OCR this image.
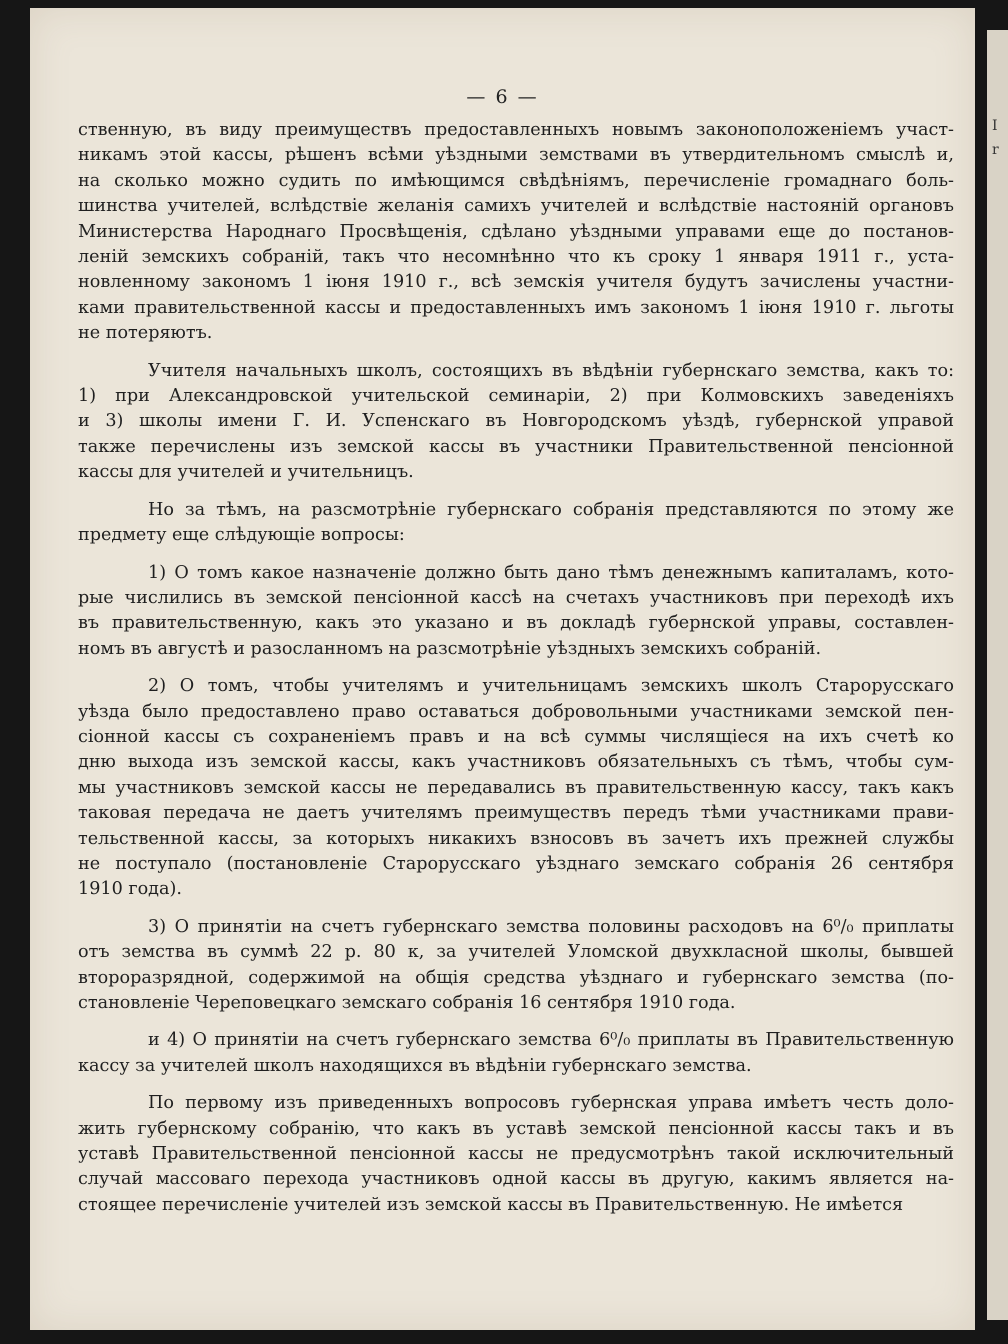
I
r
— 6 —
ственную, въ виду преимуществъ предоставленныхъ новымъ законоположенiемъ участ-
никамъ этой кассы, рѣшенъ всѣми уѣздными земствами въ утвердительномъ смыслѣ и,
на сколько можно судить по имѣющимся свѣдѣнiямъ, перечисленiе громаднаго боль-
шинства учителей, вслѣдствiе желанiя самихъ учителей и вслѣдствiе настоянiй органовъ
Министерства Народнаго Просвѣщенiя, сдѣлано уѣздными управами еще до постанов-
ленiй земскихъ собранiй, такъ что несомнѣнно что къ сроку 1 января 1911 г., уста-
новленному закономъ 1 iюня 1910 г., всѣ земскiя учителя будутъ зачислены участни-
ками правительственной кассы и предоставленныхъ имъ закономъ 1 iюня 1910 г. льготы
не потеряютъ.
Учителя начальныхъ школъ, состоящихъ въ вѣдѣнiи губернскаго земства, какъ то:
1) при Александровской учительской семинарiи, 2) при Колмовскихъ заведенiяхъ
и 3) школы имени Г. И. Успенскаго въ Новгородскомъ уѣздѣ, губернской управой
также перечислены изъ земской кассы въ участники Правительственной пенсiонной
кассы для учителей и учительницъ.
Но за тѣмъ, на разсмотрѣнiе губернскаго собранiя представляются по этому же
предмету еще слѣдующiе вопросы:
1) О томъ какое назначенiе должно быть дано тѣмъ денежнымъ капиталамъ, кото-
рые числились въ земской пенсiонной кассѣ на счетахъ участниковъ при переходѣ ихъ
въ правительственную, какъ это указано и въ докладѣ губернской управы, составлен-
номъ въ августѣ и разосланномъ на разсмотрѣнiе уѣздныхъ земскихъ собранiй.
2) О томъ, чтобы учителямъ и учительницамъ земскихъ школъ Старорусскаго
уѣзда было предоставлено право оставаться добровольными участниками земской пен-
сiонной кассы съ сохраненiемъ правъ и на всѣ суммы числящiеся на ихъ счетѣ ко
дню выхода изъ земской кассы, какъ участниковъ обязательныхъ съ тѣмъ, чтобы сум-
мы участниковъ земской кассы не передавались въ правительственную кассу, такъ какъ
таковая передача не даетъ учителямъ преимуществъ передъ тѣми участниками прави-
тельственной кассы, за которыхъ никакихъ взносовъ въ зачетъ ихъ прежней службы
не поступало (постановленiе Старорусскаго уѣзднаго земскаго собранiя 26 сентября
1910 года).
3) О принятiи на счетъ губернскаго земства половины расходовъ на 6⁰/₀ приплаты
отъ земства въ суммѣ 22 р. 80 к, за учителей Уломской двухкласной школы, бывшей
второразрядной, содержимой на общiя средства уѣзднаго и губернскаго земства (по-
становленiе Череповецкаго земскаго собранiя 16 сентября 1910 года.
и 4) О принятiи на счетъ губернскаго земства 6⁰/₀ приплаты въ Правительственную
кассу за учителей школъ находящихся въ вѣдѣнiи губернскаго земства.
По первому изъ приведенныхъ вопросовъ губернская управа имѣетъ честь доло-
жить губернскому собранiю, что какъ въ уставѣ земской пенсiонной кассы такъ и въ
уставѣ Правительственной пенсiонной кассы не предусмотрѣнъ такой исключительный
случай массоваго перехода участниковъ одной кассы въ другую, какимъ является на-
стоящее перечисленiе учителей изъ земской кассы въ Правительственную. Не имѣется
